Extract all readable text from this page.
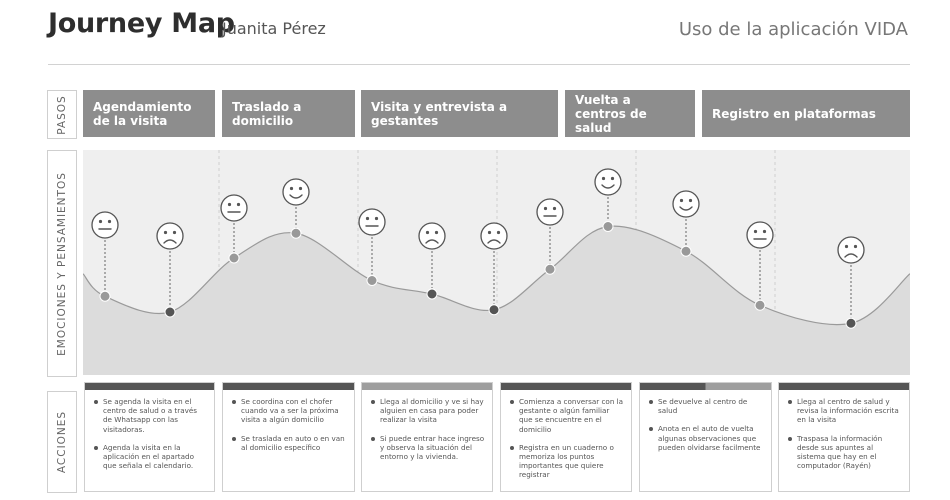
Journey Map
Juanita Pérez	Uso de la aplicación VIDA
PASOS
EMOCIONES Y PENSAMIENTOS
ACCIONES
Agendamiento de la visita
Traslado a domicilio
Visita y entrevista a gestantes
Vuelta a centros de salud
Registro en plataformas
Se agenda la visita en el centro de salud o a través de Whatsapp con las visitadoras.
Agenda la visita en la aplicación en el apartado que señala el calendario.
Se coordina con el chofer cuando va a ser la próxima visita a algún domicilio
Se traslada en auto o en van al domicilio específico
Llega al domicilio y ve si hay alguien en casa para poder realizar la visita
Si puede entrar hace ingreso y observa la situación del entorno y la vivienda.
Comienza a conversar con la gestante o algún familiar que se encuentre en el domicilio
Registra en un cuaderno o memoriza los puntos importantes que quiere registrar
Se devuelve al centro de salud
Anota en el auto de vuelta algunas observaciones que pueden olvidarse facilmente
Llega al centro de salud y revisa la información escrita en la visita
Traspasa la información desde sus apuntes al sistema que hay en el computador (Rayén)
